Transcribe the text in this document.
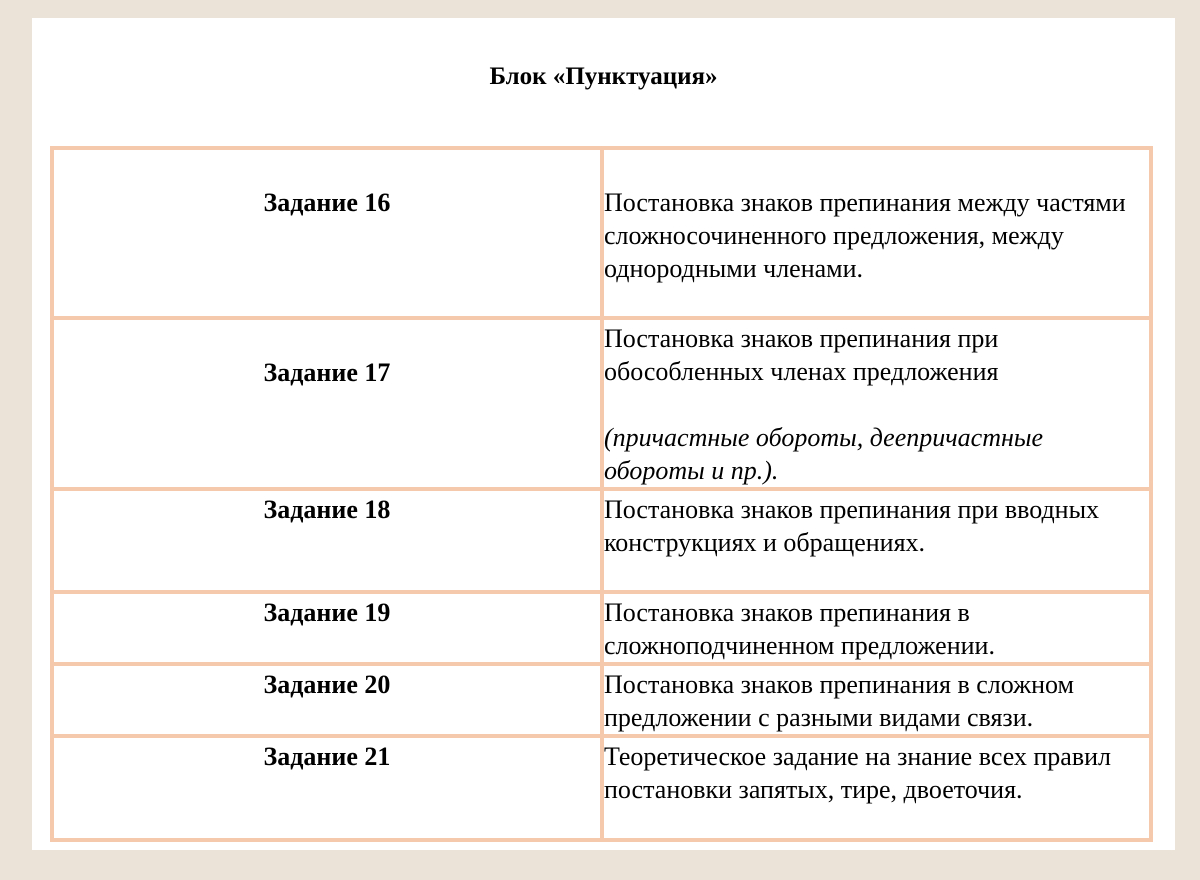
Блок «Пунктуация»
Задание 16	Постановка знаков препинания между частями сложносочиненного предложения, между однородными членами.
Задание 17	Постановка знаков препинания при обособленных членах предложения
(причастные обороты, деепричастные обороты и пр.).

Задание 18	Постановка знаков препинания при вводных конструкциях и обращениях.
Задание 19	Постановка знаков препинания в сложноподчиненном предложении.
Задание 20	Постановка знаков препинания в сложном предложении с разными видами связи.
Задание 21	Теоретическое задание на знание всех правил постановки запятых, тире, двоеточия.
